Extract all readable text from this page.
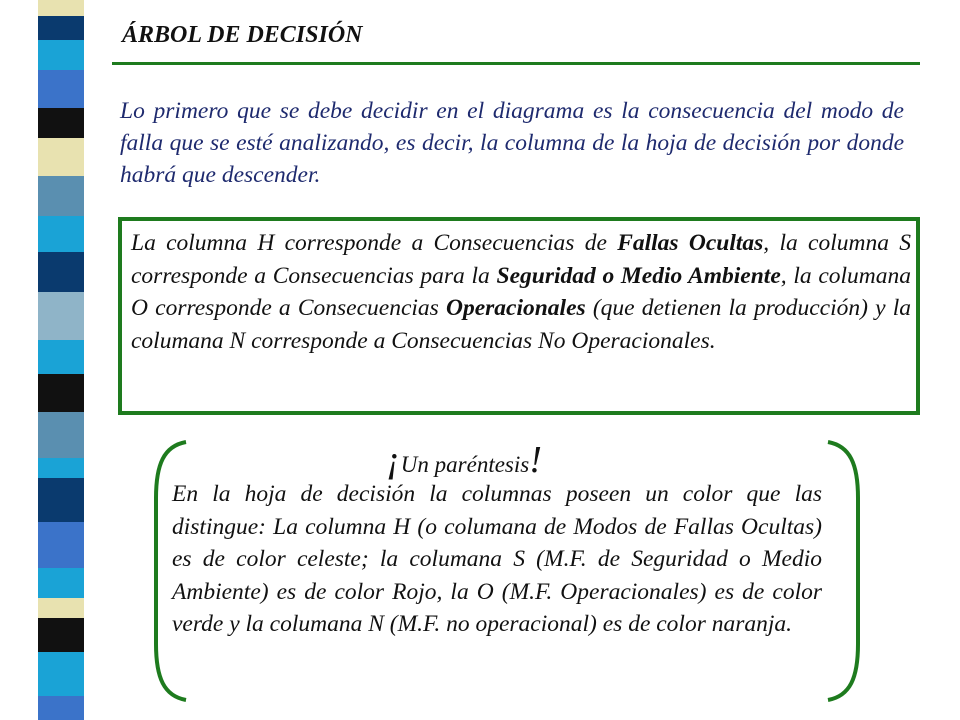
ÁRBOL DE DECISIÓN
Lo primero que se debe decidir en el diagrama es la consecuencia del modo de falla que se esté analizando, es decir, la columna de la hoja de decisión por donde habrá que descender.
La columna H corresponde a Consecuencias de Fallas Ocultas, la columna S corresponde a Consecuencias para la Seguridad o Medio Ambiente, la columana O corresponde a Consecuencias Operacionales (que detienen la producción) y la columana N corresponde a Consecuencias No Operacionales.
¡Un paréntesis!
En la hoja de decisión la columnas poseen un color que las distingue: La columna H (o columana de Modos de Fallas Ocultas) es de color celeste; la columana S (M.F. de Seguridad o Medio Ambiente) es de color Rojo, la O (M.F. Operacionales) es de color verde y la columana N (M.F. no operacional) es de color naranja.
